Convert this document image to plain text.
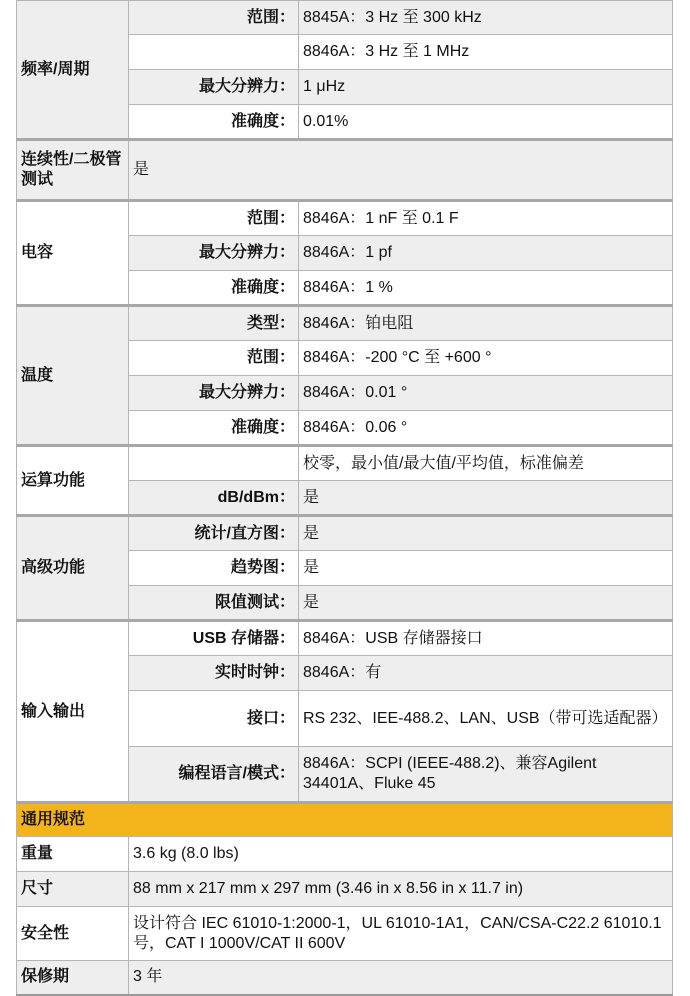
频率/周期	范围：	8845A：3 Hz 至 300 kHz
		8846A：3 Hz 至 1 MHz
	最大分辨力：	1 μHz
	准确度：	0.01%
连续性/二极管测试	是	
电容	范围：	8846A：1 nF 至 0.1 F
	最大分辨力：	8846A：1 pf
	准确度：	8846A：1 %
温度	类型：	8846A：铂电阻
	范围：	8846A：-200 °C 至 +600 °
	最大分辨力：	8846A：0.01 °
	准确度：	8846A：0.06 °
运算功能		校零，最小值/最大值/平均值，标准偏差
	dB/dBm：	是
高级功能	统计/直方图：	是
	趋势图：	是
	限值测试：	是
输入输出	USB 存储器：	8846A：USB 存储器接口
	实时时钟：	8846A：有
	接口：	RS 232、IEE-488.2、LAN、USB（带可选适配器）
	编程语言/模式：	8846A：SCPI (IEEE-488.2)、兼容Agilent 34401A、Fluke 45
通用规范		
重量	3.6 kg (8.0 lbs)	
尺寸	88 mm x 217 mm x 297 mm (3.46 in x 8.56 in x 11.7 in)	
安全性	设计符合 IEC 61010-1:2000-1，UL 61010-1A1，CAN/CSA-C22.2 61010.1 号，CAT I 1000V/CAT II 600V	
保修期	3 年	
